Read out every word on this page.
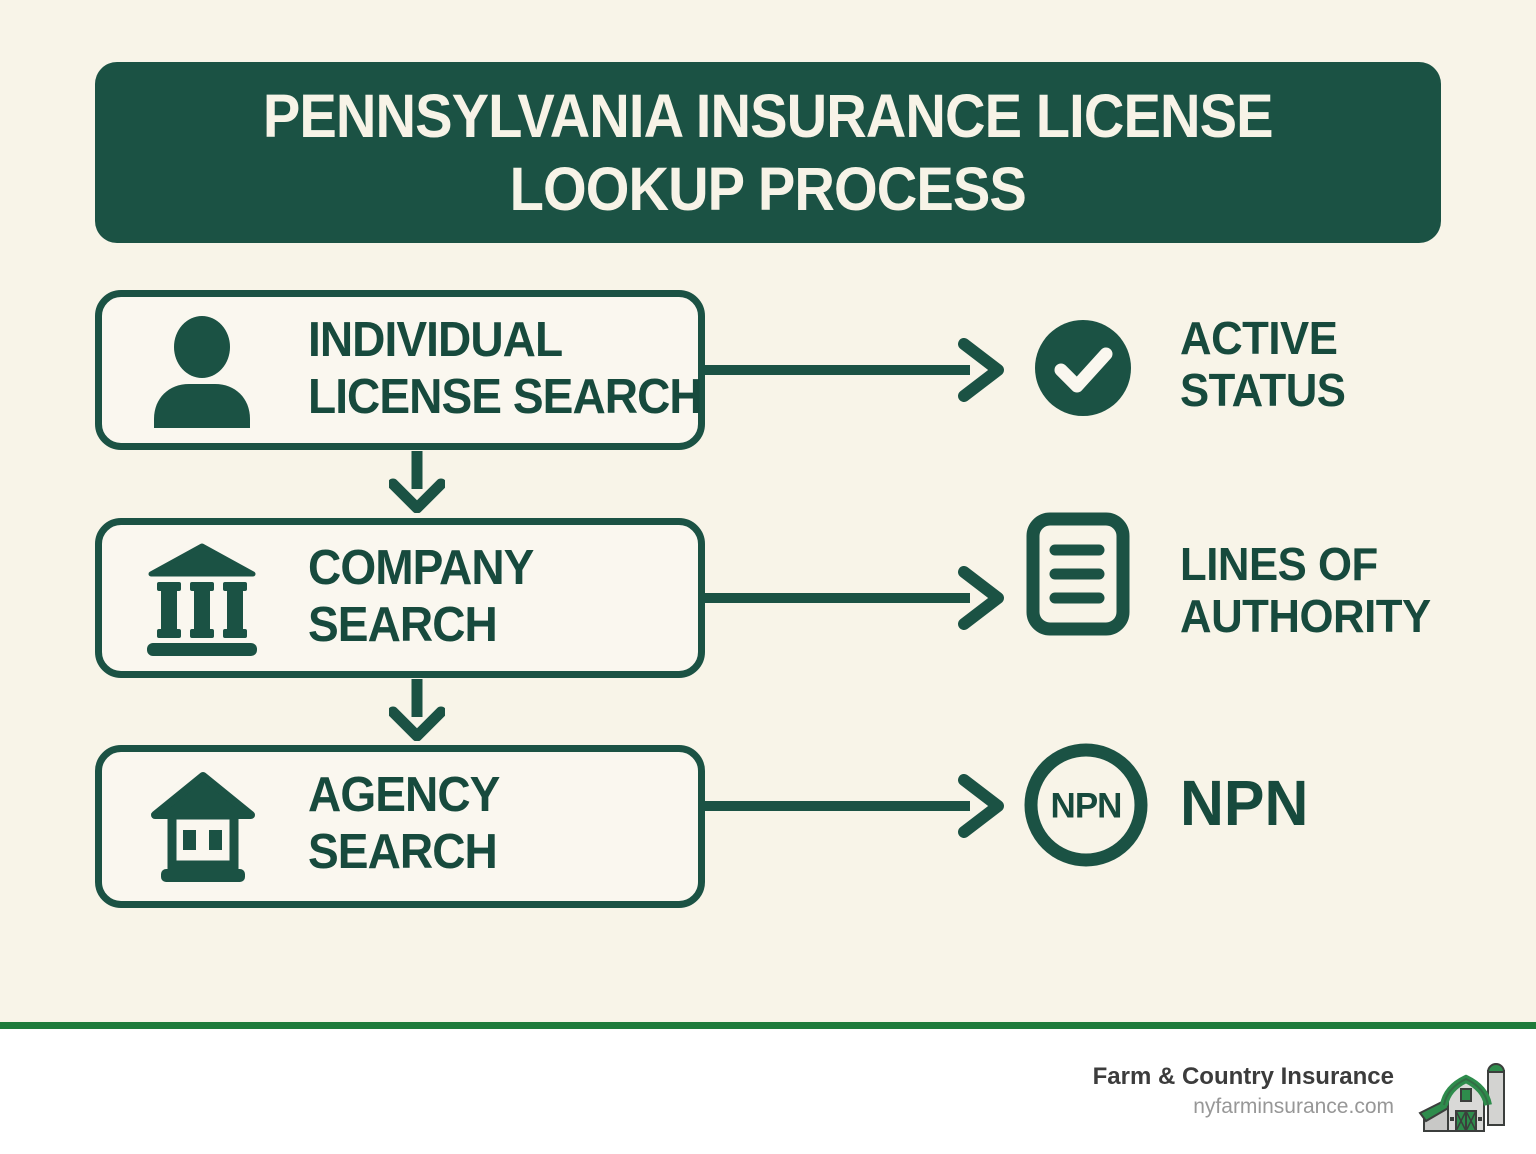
PENNSYLVANIA INSURANCE LICENSE
LOOKUP PROCESS
INDIVIDUAL
LICENSE SEARCH
ACTIVE
STATUS
COMPANY
SEARCH
LINES OF
AUTHORITY
AGENCY
SEARCH
NPN NPN
Farm & Country Insurance
nyfarminsurance.com
